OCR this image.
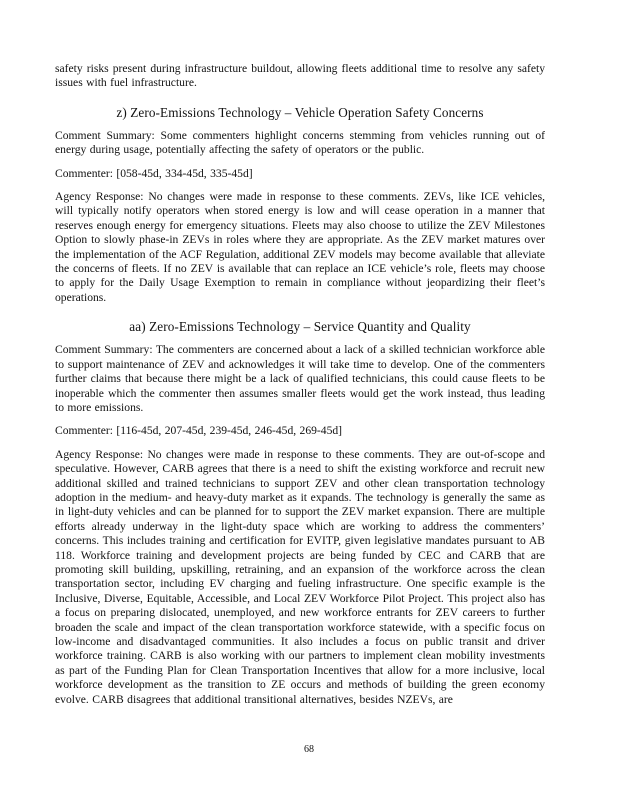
safety risks present during infrastructure buildout, allowing fleets additional time to resolve any safety issues with fuel infrastructure.

z) Zero-Emissions Technology – Vehicle Operation Safety Concerns

Comment Summary: Some commenters highlight concerns stemming from vehicles running out of energy during usage, potentially affecting the safety of operators or the public.

Commenter: [058-45d, 334-45d, 335-45d]

Agency Response: No changes were made in response to these comments. ZEVs, like ICE vehicles, will typically notify operators when stored energy is low and will cease operation in a manner that reserves enough energy for emergency situations. Fleets may also choose to utilize the ZEV Milestones Option to slowly phase-in ZEVs in roles where they are appropriate. As the ZEV market matures over the implementation of the ACF Regulation, additional ZEV models may become available that alleviate the concerns of fleets. If no ZEV is available that can replace an ICE vehicle’s role, fleets may choose to apply for the Daily Usage Exemption to remain in compliance without jeopardizing their fleet’s operations.

aa) Zero-Emissions Technology – Service Quantity and Quality

Comment Summary: The commenters are concerned about a lack of a skilled technician workforce able to support maintenance of ZEV and acknowledges it will take time to develop. One of the commenters further claims that because there might be a lack of qualified technicians, this could cause fleets to be inoperable which the commenter then assumes smaller fleets would get the work instead, thus leading to more emissions.

Commenter: [116-45d, 207-45d, 239-45d, 246-45d, 269-45d]

Agency Response: No changes were made in response to these comments. They are out-of-scope and speculative. However, CARB agrees that there is a need to shift the existing workforce and recruit new additional skilled and trained technicians to support ZEV and other clean transportation technology adoption in the medium- and heavy-duty market as it expands. The technology is generally the same as in light-duty vehicles and can be planned for to support the ZEV market expansion. There are multiple efforts already underway in the light-duty space which are working to address the commenters’ concerns. This includes training and certification for EVITP, given legislative mandates pursuant to AB 118. Workforce training and development projects are being funded by CEC and CARB that are promoting skill building, upskilling, retraining, and an expansion of the workforce across the clean transportation sector, including EV charging and fueling infrastructure. One specific example is the Inclusive, Diverse, Equitable, Accessible, and Local ZEV Workforce Pilot Project. This project also has a focus on preparing dislocated, unemployed, and new workforce entrants for ZEV careers to further broaden the scale and impact of the clean transportation workforce statewide, with a specific focus on low-income and disadvantaged communities. It also includes a focus on public transit and driver workforce training. CARB is also working with our partners to implement clean mobility investments as part of the Funding Plan for Clean Transportation Incentives that allow for a more inclusive, local workforce development as the transition to ZE occurs and methods of building the green economy evolve. CARB disagrees that additional transitional alternatives, besides NZEVs, are

68
